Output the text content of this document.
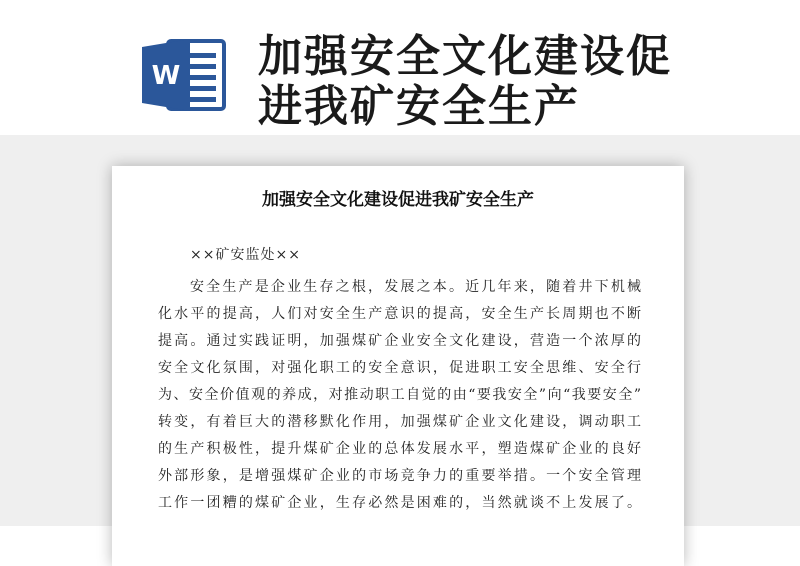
W 加强安全文化建设促
进我矿安全生产
加强安全文化建设促进我矿安全生产
××矿安监处××
安全生产是企业生存之根，发展之本。近几年来，随着井下机械
化水平的提高，人们对安全生产意识的提高，安全生产长周期也不断
提高。通过实践证明，加强煤矿企业安全文化建设，营造一个浓厚的
安全文化氛围，对强化职工的安全意识，促进职工安全思维、安全行
为、安全价值观的养成，对推动职工自觉的由“要我安全”向“我要安全”
转变，有着巨大的潜移默化作用，加强煤矿企业文化建设，调动职工
的生产积极性，提升煤矿企业的总体发展水平，塑造煤矿企业的良好
外部形象，是增强煤矿企业的市场竞争力的重要举措。一个安全管理
工作一团糟的煤矿企业，生存必然是困难的，当然就谈不上发展了。
